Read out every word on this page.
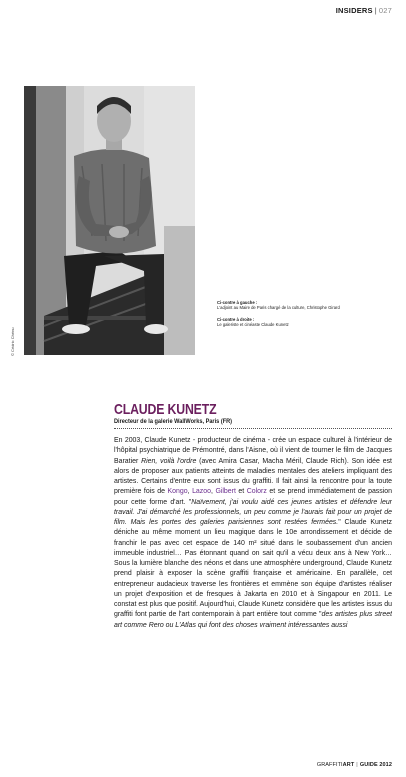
INSIDERS | 027
© Cédric Chénu
Ci-contre à gauche :
L'adjoint au Maire de Paris chargé de la culture, Christophe Girard
Ci-contre à droite :
Le galeriste et cinéaste Claude Kunetz
CLAUDE KUNETZ
Directeur de la galerie WallWorks, Paris (FR)

En 2003, Claude Kunetz - producteur de cinéma - crée un espace culturel à l'intérieur de l'hôpital psychiatrique de Prémontré, dans l'Aisne, où il vient de tourner le film de Jacques Baratier Rien, voilà l'ordre (avec Amira Casar, Macha Méril, Claude Rich). Son idée est alors de proposer aux patients atteints de maladies mentales des ateliers impliquant des artistes. Certains d'entre eux sont issus du graffiti. Il fait ainsi la rencontre pour la toute première fois de Kongo, Lazoo, Gilbert et Colorz et se prend immédiatement de passion pour cette forme d'art. "Naïvement, j'ai voulu aidé ces jeunes artistes et défendre leur travail. J'ai démarché les professionnels, un peu comme je l'aurais fait pour un projet de film. Mais les portes des galeries parisiennes sont restées fermées." Claude Kunetz déniche au même moment un lieu magique dans le 10e arrondissement et décide de franchir le pas avec cet espace de 140 m² situé dans le soubassement d'un ancien immeuble industriel… Pas étonnant quand on sait qu'il a vécu deux ans à New York… Sous la lumière blanche des néons et dans une atmosphère underground, Claude Kunetz prend plaisir à exposer la scène graffiti française et américaine. En parallèle, cet entrepreneur audacieux traverse les frontières et emmène son équipe d'artistes réaliser un projet d'exposition et de fresques à Jakarta en 2010 et à Singapour en 2011. Le constat est plus que positif. Aujourd'hui, Claude Kunetz considère que les artistes issus du graffiti font partie de l'art contemporain à part entière tout comme "des artistes plus street art comme Rero ou L'Atlas qui font des choses vraiment intéressantes aussi

GRAFFITIART | GUIDE 2012
